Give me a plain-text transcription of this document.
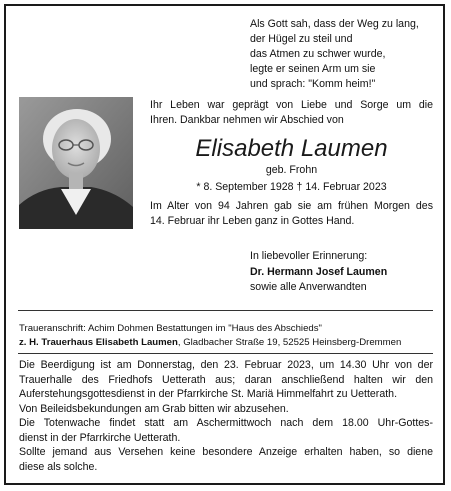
Als Gott sah, dass der Weg zu lang,
der Hügel zu steil und
das Atmen zu schwer wurde,
legte er seinen Arm um sie
und sprach: "Komm heim!"
Ihr Leben war geprägt von Liebe und Sorge um die
Ihren. Dankbar nehmen wir Abschied von
Elisabeth Laumen
geb. Frohn
* 8. September 1928 † 14. Februar 2023
Im Alter von 94 Jahren gab sie am frühen Morgen des
14. Februar ihr Leben ganz in Gottes Hand.
In liebevoller Erinnerung:
Dr. Hermann Josef Laumen
sowie alle Anverwandten
Traueranschrift: Achim Dohmen Bestattungen im "Haus des Abschieds"
z. H. Trauerhaus Elisabeth Laumen, Gladbacher Straße 19, 52525 Heinsberg-Dremmen
Die Beerdigung ist am Donnerstag, den 23. Februar 2023, um 14.30 Uhr von der
Trauerhalle des Friedhofs Uetterath aus; daran anschließend halten wir den
Auferstehungsgottesdienst in der Pfarrkirche St. Mariä Himmelfahrt zu Uetterath.
Von Beileidsbekundungen am Grab bitten wir abzusehen.
Die Totenwache findet statt am Aschermittwoch nach dem 18.00 Uhr-Gottes-
dienst in der Pfarrkirche Uetterath.
Sollte jemand aus Versehen keine besondere Anzeige erhalten haben, so diene
diese als solche.
